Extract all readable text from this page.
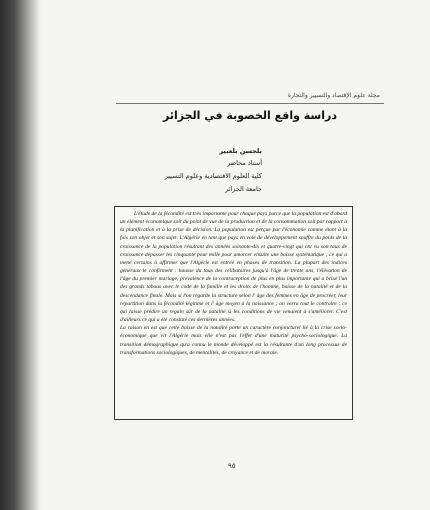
مجلة علوم الإقتصاد والتسيير والتجارة
دراسة واقع الخصوبة في الجزائر
بلحسن بلعبير
أستاذ محاضر
كلية العلوم الاقتصادية وعلوم التسيير
جامعة الجزائر

L'étude de la fécondité est très importante pour chaque pays parce que la population est d'abord un élément économique soit du point de vue de la production et de la consommation soit par rapport à la planification et à la prise de décision. La population est perçue par l'économie comme étant à la fois son objet et son sujet. L'Algérie en tant que pays en voie de développement souffre du poids de la croissance de la population résultant des années soixante-dix et quatre-vingt qui ont vu son taux de croissance dépasser les cinquante pour mille pour amorcer ensuite une baisse systématique ; ce qui a mené certains à affirmer que l'Algérie est entrée en phases de transition. La plupart des indices généraux le confirment : hausse du taux des célibataires jusqu'à l'âge de trente ans, l'élévation de l'âge du premier mariage, prévalence de la contraception de plus en plus importante qui a brisé l'un des grands tabous avec le code de la famille et les droits de l'homme, baisse de la natalité et de la descendance finale. Mais si l'on regarde la structure selon l' âge des femmes en âge de procréer, leur répartition dans la fécondité légitime et l' âge moyen à la naissance ; on verra tout le contraire ; ce qui laisse prédire un regain sûr de la natalité si les conditions de vie venaient à s'améliorer. C'est d'ailleurs ce qui a été constaté ces dernières années.

La raison en est que cette baisse de la natalité porte un caractère conjoncturel lié à la crise socio-économique que vit l'Algérie mais elle n'est pas l'effet d'une maturité psycho-sociologique. La transition démographique qu'a connu le monde développé est la résultante d'un long processus de transformations sociologiques, de mentalités, de croyance et de morale.

٩٥
